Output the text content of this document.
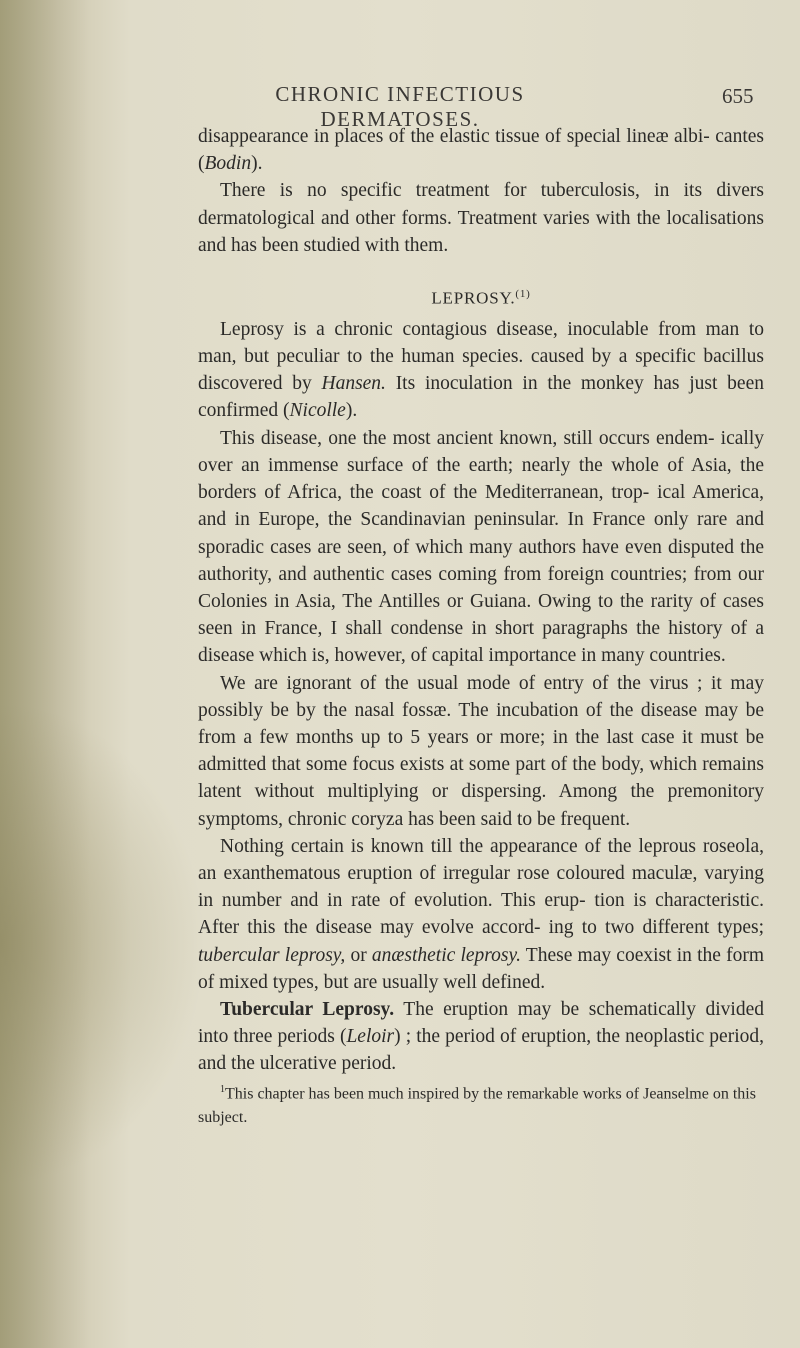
CHRONIC INFECTIOUS DERMATOSES.
655

disappearance in places of the elastic tissue of special lineæ albi- cantes (Bodin).

There is no specific treatment for tuberculosis, in its divers dermatological and other forms. Treatment varies with the localisations and has been studied with them.

LEPROSY.$^{(1)}$

Leprosy is a chronic contagious disease, inoculable from man to man, but peculiar to the human species. caused by a specific bacillus discovered by Hansen. Its inoculation in the monkey has just been confirmed (Nicolle).

This disease, one the most ancient known, still occurs endem- ically over an immense surface of the earth; nearly the whole of Asia, the borders of Africa, the coast of the Mediterranean, trop- ical America, and in Europe, the Scandinavian peninsular. In France only rare and sporadic cases are seen, of which many authors have even disputed the authority, and authentic cases coming from foreign countries; from our Colonies in Asia, The Antilles or Guiana. Owing to the rarity of cases seen in France, I shall condense in short paragraphs the history of a disease which is, however, of capital importance in many countries.

We are ignorant of the usual mode of entry of the virus ; it may possibly be by the nasal fossæ. The incubation of the disease may be from a few months up to 5 years or more; in the last case it must be admitted that some focus exists at some part of the body, which remains latent without multiplying or dispersing. Among the premonitory symptoms, chronic coryza has been said to be frequent.

Nothing certain is known till the appearance of the leprous roseola, an exanthematous eruption of irregular rose coloured maculæ, varying in number and in rate of evolution. This erup- tion is characteristic. After this the disease may evolve accord- ing to two different types; tubercular leprosy, or anæsthetic leprosy. These may coexist in the form of mixed types, but are usually well defined.

Tubercular Leprosy. The eruption may be schematically divided into three periods (Leloir) ; the period of eruption, the neoplastic period, and the ulcerative period.

$^1$This chapter has been much inspired by the remarkable works of Jeanselme on this subject.
